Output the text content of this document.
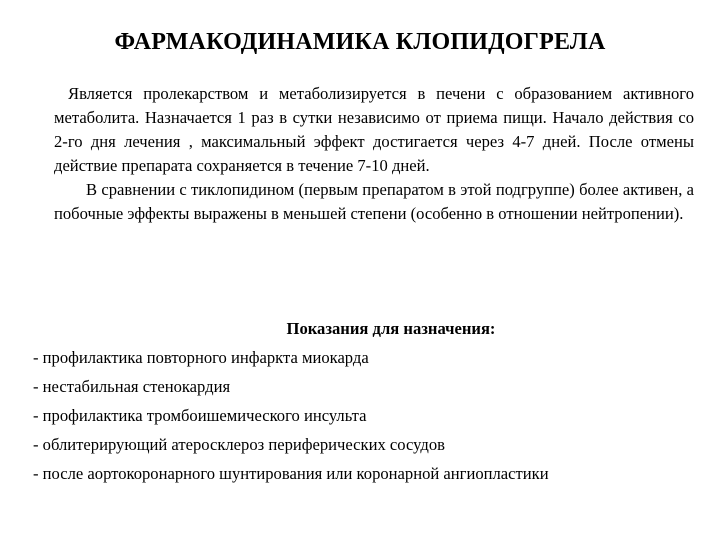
ФАРМАКОДИНАМИКА КЛОПИДОГРЕЛА

Является пролекарством и метаболизируется в печени с образованием активного метаболита. Назначается 1 раз в сутки независимо от приема пищи. Начало действия со 2-го дня лечения , максимальный эффект достигается через 4-7 дней. После отмены действие препарата сохраняется в течение 7-10 дней.

В сравнении с тиклопидином (первым препаратом в этой подгруппе) более активен, а побочные эффекты выражены в меньшей степени (особенно в отношении нейтропении).

Показания для назначения:
- профилактика повторного инфаркта миокарда
- нестабильная стенокардия
- профилактика тромбоишемического инсульта
- облитерирующий атеросклероз периферических сосудов
- после аортокоронарного шунтирования или коронарной ангиопластики
